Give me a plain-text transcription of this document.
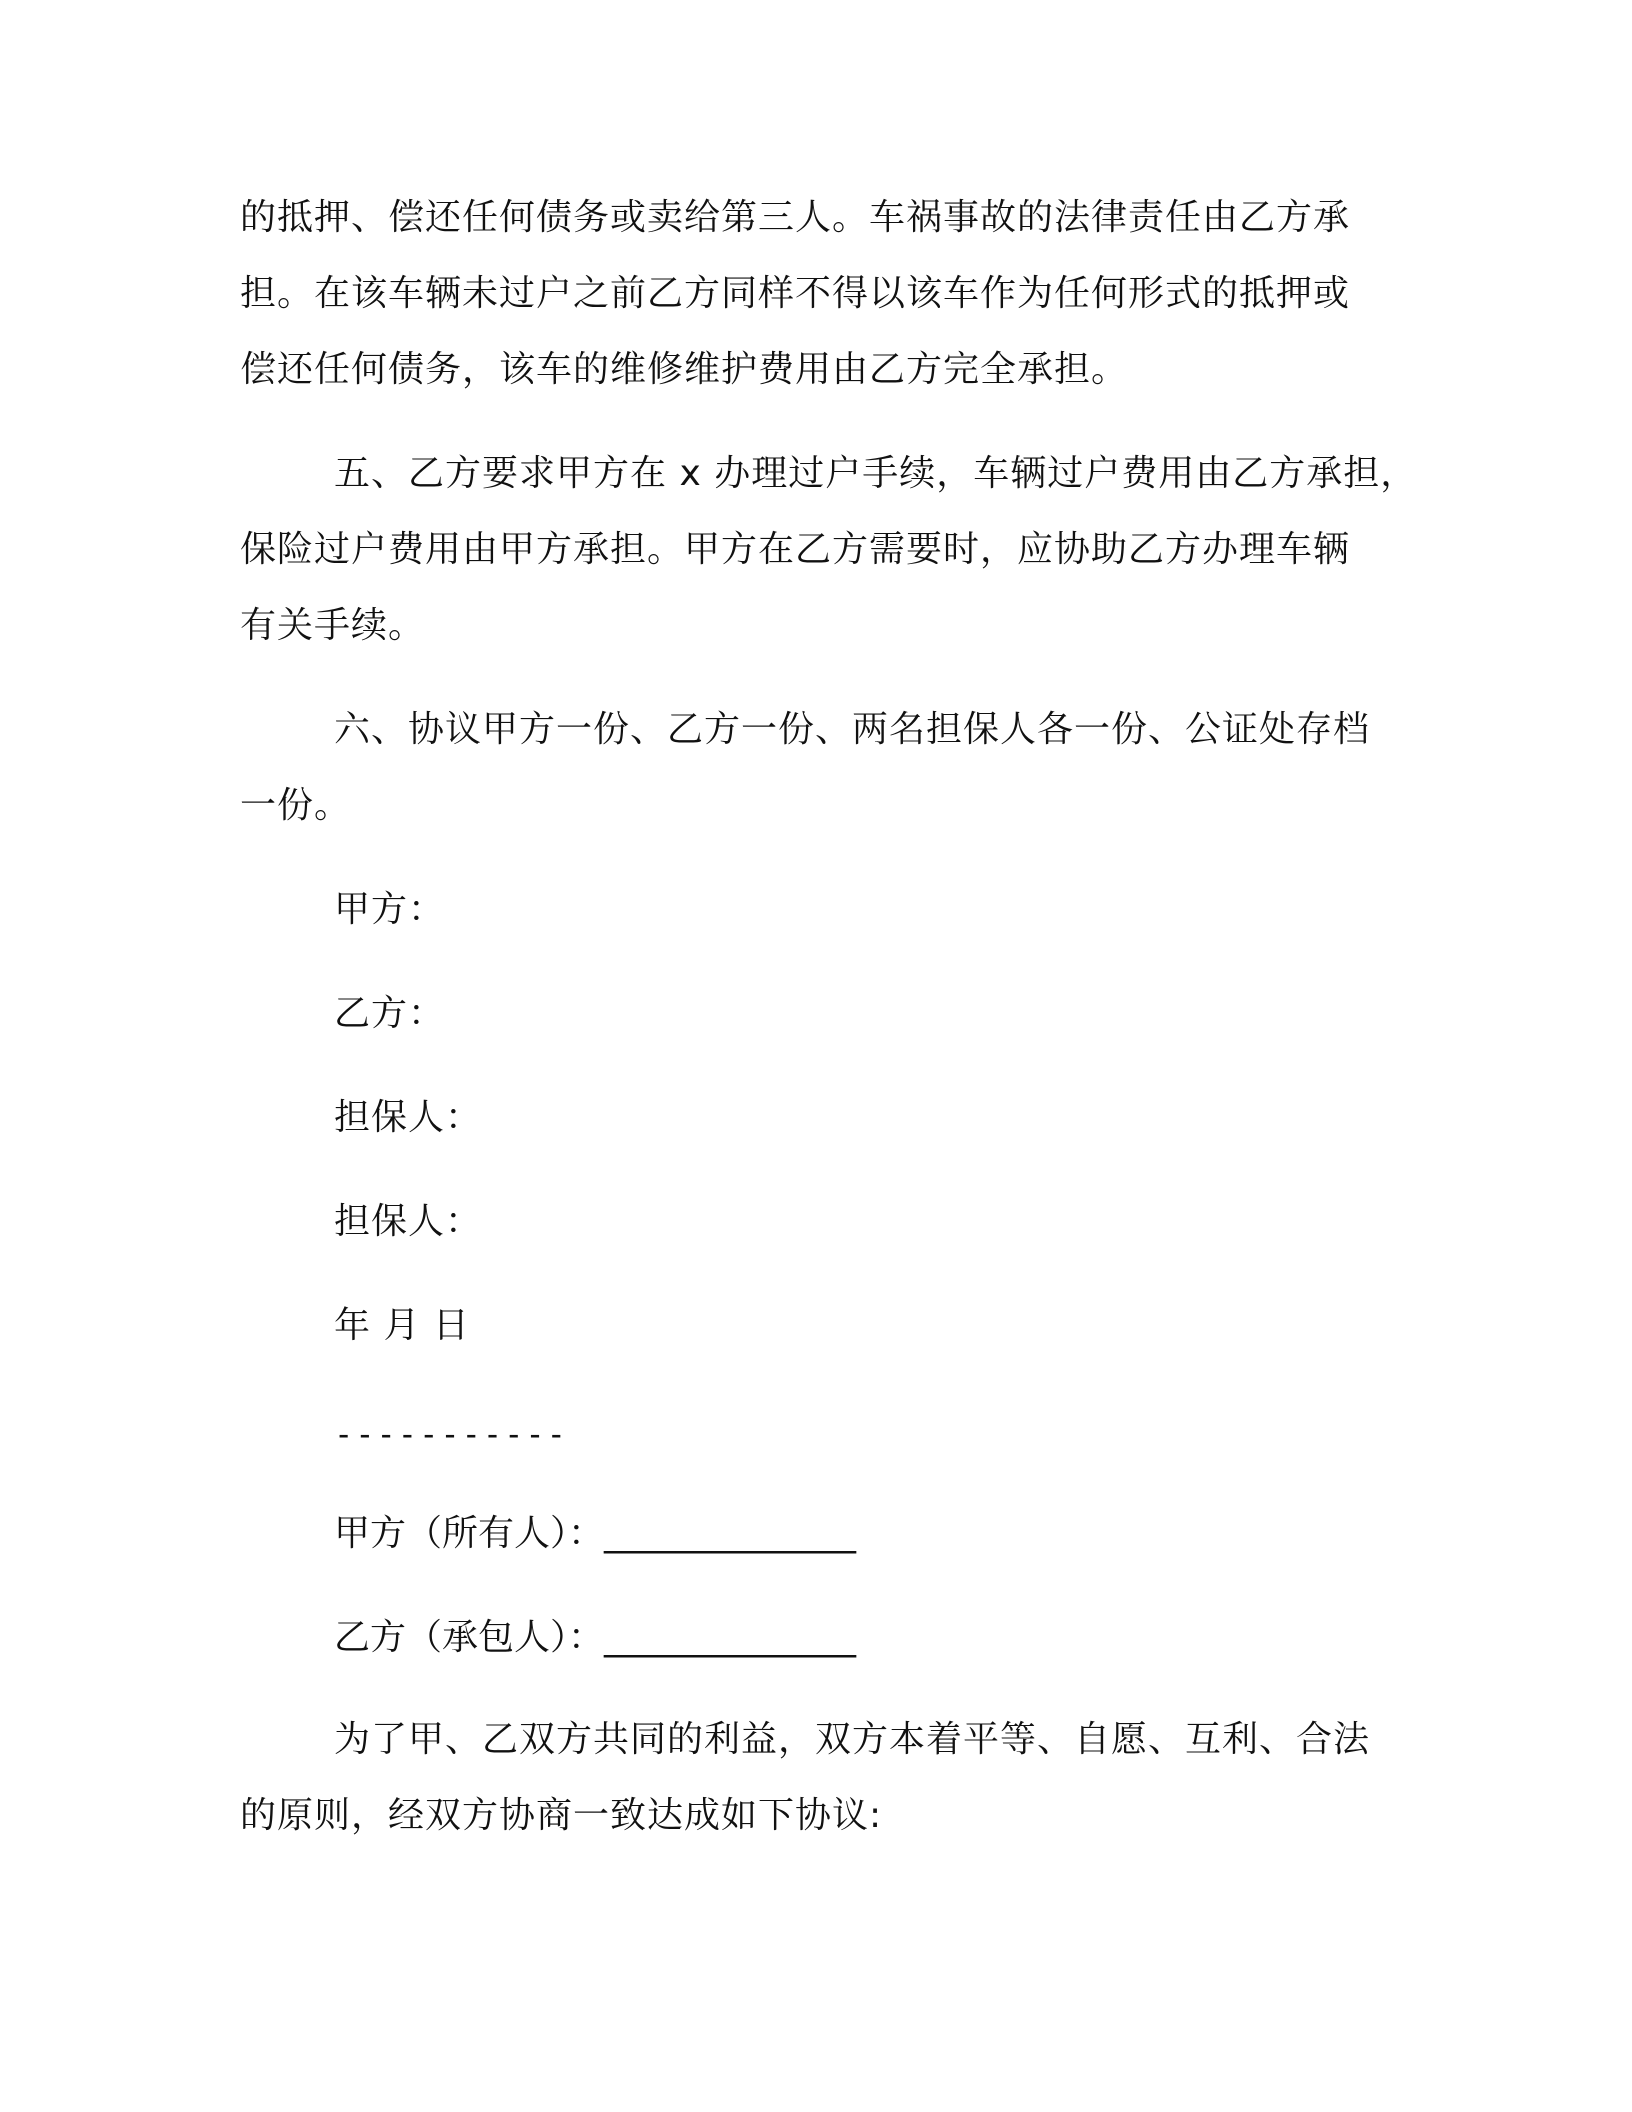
的抵押、偿还任何债务或卖给第三人。车祸事故的法律责任由乙方承
担。在该车辆未过户之前乙方同样不得以该车作为任何形式的抵押或
偿还任何债务，该车的维修维护费用由乙方完全承担。
五、乙方要求甲方在 x 办理过户手续，车辆过户费用由乙方承担，
保险过户费用由甲方承担。甲方在乙方需要时，应协助乙方办理车辆
有关手续。
六、协议甲方一份、乙方一份、两名担保人各一份、公证处存档
一份。
甲方：
乙方：
担保人：
担保人：
年 月 日
-----------
甲方（所有人）：______________
乙方（承包人）：______________
为了甲、乙双方共同的利益，双方本着平等、自愿、互利、合法
的原则，经双方协商一致达成如下协议:
